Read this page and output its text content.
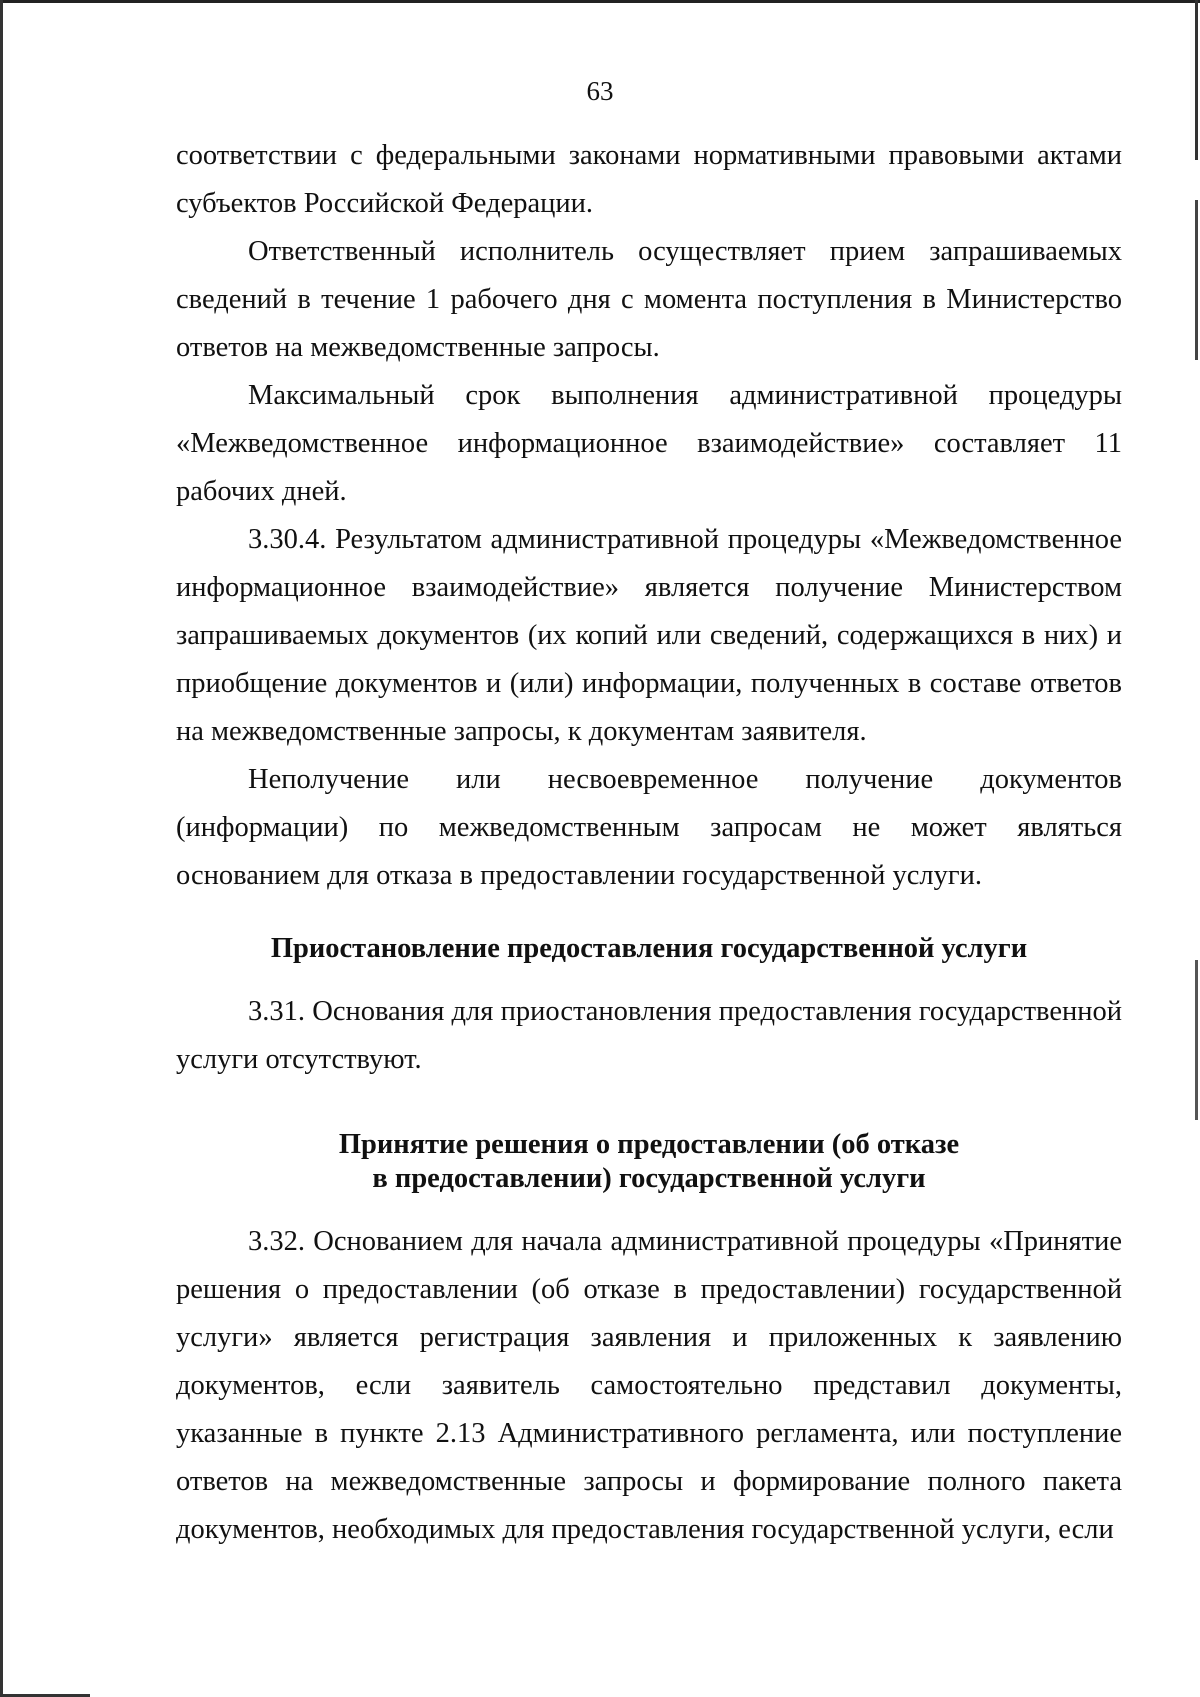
63

соответствии с федеральными законами нормативными правовыми актами субъектов Российской Федерации.

Ответственный исполнитель осуществляет прием запрашиваемых сведений в течение 1 рабочего дня с момента поступления в Министерство ответов на межведомственные запросы.

Максимальный срок выполнения административной процедуры «Межведомственное информационное взаимодействие» составляет 11 рабочих дней.

3.30.4. Результатом административной процедуры «Межведомственное информационное взаимодействие» является получение Министерством запрашиваемых документов (их копий или сведений, содержащихся в них) и приобщение документов и (или) информации, полученных в составе ответов на межведомственные запросы, к документам заявителя.

Неполучение или несвоевременное получение документов (информации) по межведомственным запросам не может являться основанием для отказа в предоставлении государственной услуги.

Приостановление предоставления государственной услуги

3.31. Основания для приостановления предоставления государственной услуги отсутствуют.

Принятие решения о предоставлении (об отказе
в предоставлении) государственной услуги

3.32. Основанием для начала административной процедуры «Принятие решения о предоставлении (об отказе в предоставлении) государственной услуги» является регистрация заявления и приложенных к заявлению документов, если заявитель самостоятельно представил документы, указанные в пункте 2.13 Административного регламента, или поступление ответов на межведомственные запросы и формирование полного пакета документов, необходимых для предоставления государственной услуги, если
